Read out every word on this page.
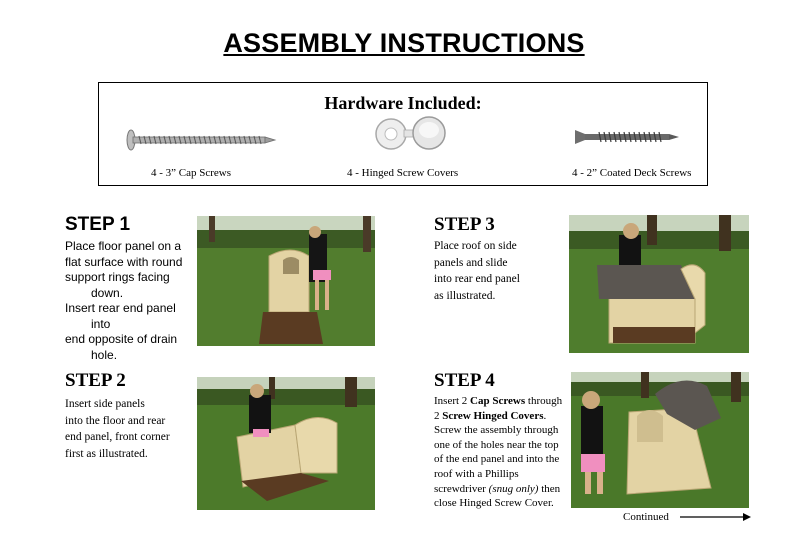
ASSEMBLY INSTRUCTIONS
Hardware Included:
4 - 3” Cap Screws	4 - Hinged Screw Covers	4 - 2” Coated Deck Screws
STEP 1
Place floor panel on a
flat surface with round
support rings facing
down.
Insert rear end panel
into
end opposite of drain
hole.
STEP 2
Insert side panels
into the floor and rear
end panel, front corner
first as illustrated.
STEP 3
Place roof on side
panels and slide
into rear end panel
as illustrated.
STEP 4
Insert 2 Cap Screws through
2 Screw Hinged Covers.
Screw the assembly through
one of the holes near the top
of the end panel and into the
roof with a Phillips
screwdriver (snug only) then
close Hinged Screw Cover.
Continued
